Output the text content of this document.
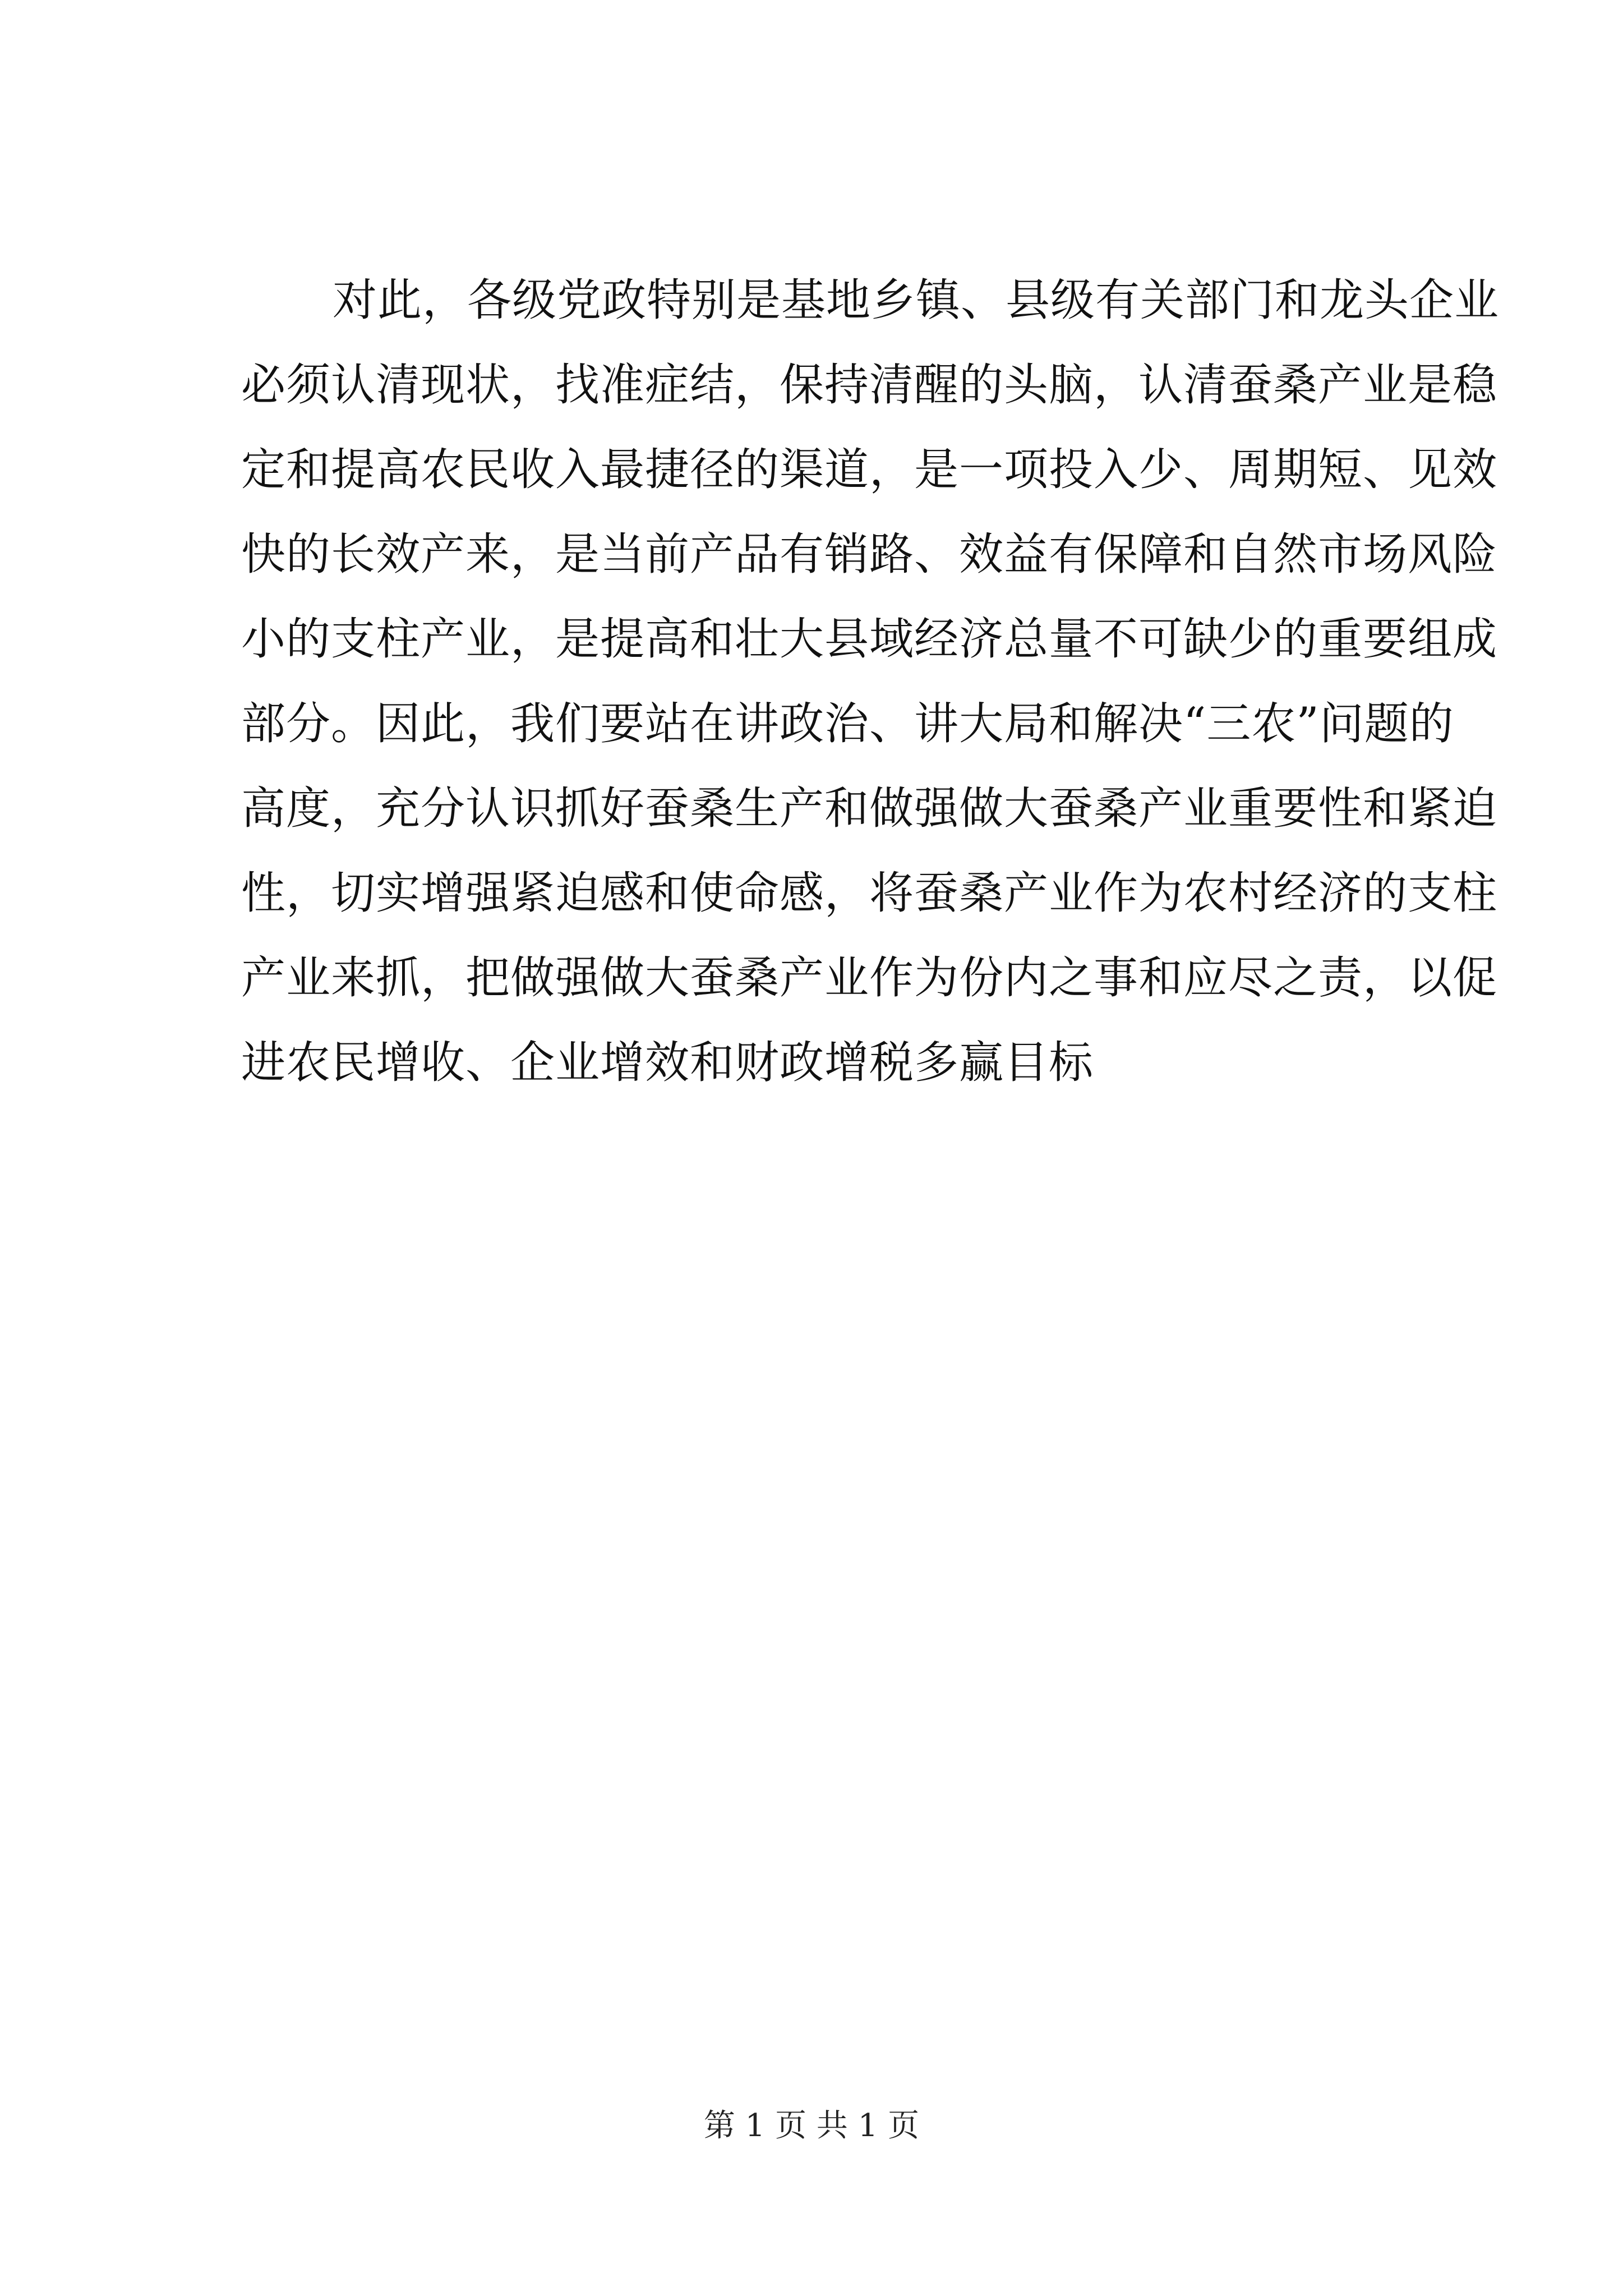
对此，各级党政特别是基地乡镇、县级有关部门和龙头企业
必须认清现状，找准症结，保持清醒的头脑，认清蚕桑产业是稳
定和提高农民收入最捷径的渠道，是一项投入少、周期短、见效
快的长效产来，是当前产品有销路、效益有保障和自然市场风险
小的支柱产业，是提高和壮大县域经济总量不可缺少的重要组成
部分。因此，我们要站在讲政治、讲大局和解决“三农”问题的
高度，充分认识抓好蚕桑生产和做强做大蚕桑产业重要性和紧迫
性，切实增强紧迫感和使命感，将蚕桑产业作为农村经济的支柱
产业来抓，把做强做大蚕桑产业作为份内之事和应尽之责，以促
进农民增收、企业增效和财政增税多赢目标
第 1 页 共 1 页
